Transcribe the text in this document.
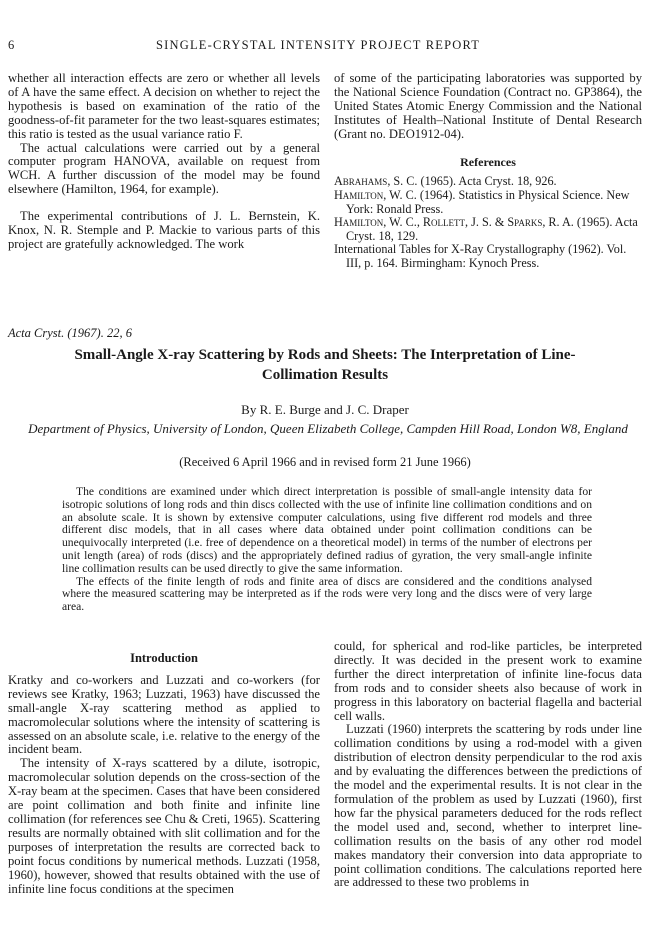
6	SINGLE-CRYSTAL INTENSITY PROJECT REPORT

whether all interaction effects are zero or whether all levels of A have the same effect. A decision on whether to reject the hypothesis is based on examination of the ratio of the goodness-of-fit parameter for the two least-squares estimates; this ratio is tested as the usual variance ratio F.

The actual calculations were carried out by a general computer program HANOVA, available on request from WCH. A further discussion of the model may be found elsewhere (Hamilton, 1964, for example).

The experimental contributions of J. L. Bernstein, K. Knox, N. R. Stemple and P. Mackie to various parts of this project are gratefully acknowledged. The work

of some of the participating laboratories was supported by the National Science Foundation (Contract no. GP3864), the United States Atomic Energy Commission and the National Institutes of Health–National Institute of Dental Research (Grant no. DEO1912-04).

References
Abrahams, S. C. (1965). Acta Cryst. 18, 926.
Hamilton, W. C. (1964). Statistics in Physical Science. New York: Ronald Press.
Hamilton, W. C., Rollett, J. S. & Sparks, R. A. (1965). Acta Cryst. 18, 129.
International Tables for X-Ray Crystallography (1962). Vol. III, p. 164. Birmingham: Kynoch Press.
Acta Cryst. (1967). 22, 6
Small-Angle X-ray Scattering by Rods and Sheets: The Interpretation of Line-Collimation Results
By R. E. Burge and J. C. Draper
Department of Physics, University of London, Queen Elizabeth College, Campden Hill Road, London W8, England
(Received 6 April 1966 and in revised form 21 June 1966)

The conditions are examined under which direct interpretation is possible of small-angle intensity data for isotropic solutions of long rods and thin discs collected with the use of infinite line collimation conditions and on an absolute scale. It is shown by extensive computer calculations, using five different rod models and three different disc models, that in all cases where data obtained under point collimation conditions can be unequivocally interpreted (i.e. free of dependence on a theoretical model) in terms of the number of electrons per unit length (area) of rods (discs) and the appropriately defined radius of gyration, the very small-angle infinite line collimation results can be used directly to give the same information.

The effects of the finite length of rods and finite area of discs are considered and the conditions analysed where the measured scattering may be interpreted as if the rods were very long and the discs were of very large area.

Introduction

Kratky and co-workers and Luzzati and co-workers (for reviews see Kratky, 1963; Luzzati, 1963) have discussed the small-angle X-ray scattering method as applied to macromolecular solutions where the intensity of scattering is assessed on an absolute scale, i.e. relative to the energy of the incident beam.

The intensity of X-rays scattered by a dilute, isotropic, macromolecular solution depends on the cross-section of the X-ray beam at the specimen. Cases that have been considered are point collimation and both finite and infinite line collimation (for references see Chu & Creti, 1965). Scattering results are normally obtained with slit collimation and for the purposes of interpretation the results are corrected back to point focus conditions by numerical methods. Luzzati (1958, 1960), however, showed that results obtained with the use of infinite line focus conditions at the specimen

could, for spherical and rod-like particles, be interpreted directly. It was decided in the present work to examine further the direct interpretation of infinite line-focus data from rods and to consider sheets also because of work in progress in this laboratory on bacterial flagella and bacterial cell walls.

Luzzati (1960) interprets the scattering by rods under line collimation conditions by using a rod-model with a given distribution of electron density perpendicular to the rod axis and by evaluating the differences between the predictions of the model and the experimental results. It is not clear in the formulation of the problem as used by Luzzati (1960), first how far the physical parameters deduced for the rods reflect the model used and, second, whether to interpret line-collimation results on the basis of any other rod model makes mandatory their conversion into data appropriate to point collimation conditions. The calculations reported here are addressed to these two problems in
